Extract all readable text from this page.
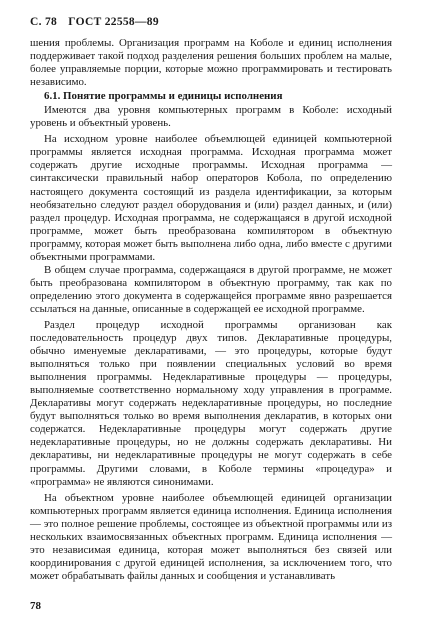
С. 78 ГОСТ 22558—89

шения проблемы. Организация программ на Коболе и единиц исполнения поддерживает такой подход разделения решения больших проблем на малые, более управляемые порции, которые можно программировать и тестировать независимо.

6.1. Понятие программы и единицы исполнения

Имеются два уровня компьютерных программ в Коболе: исходный уровень и объектный уровень.

На исходном уровне наиболее объемлющей единицей компьютерной программы является исходная программа. Исходная программа может содержать другие исходные программы. Исходная программа — синтаксически правильный набор операторов Кобола, по определению настоящего документа состоящий из раздела идентификации, за которым необязательно следуют раздел оборудования и (или) раздел данных, и (или) раздел процедур. Исходная программа, не содержащаяся в другой исходной программе, может быть преобразована компилятором в объектную программу, которая может быть выполнена либо одна, либо вместе с другими объектными программами.

В общем случае программа, содержащаяся в другой программе, не может быть преобразована компилятором в объектную программу, так как по определению этого документа в содержащейся программе явно разрешается ссылаться на данные, описанные в содержащей ее исходной программе.

Раздел процедур исходной программы организован как последовательность процедур двух типов. Декларативные процедуры, обычно именуемые декларативами, — это процедуры, которые будут выполняться только при появлении специальных условий во время выполнения программы. Недекларативные процедуры — процедуры, выполняемые соответственно нормальному ходу управления в программе. Декларативы могут содержать недекларативные процедуры, но последние будут выполняться только во время выполнения декларатив, в которых они содержатся. Недекларативные процедуры могут содержать другие недекларативные процедуры, но не должны содержать декларативы. Ни декларативы, ни недекларативные процедуры не могут содержать в себе программы. Другими словами, в Коболе термины «процедура» и «программа» не являются синонимами.

На объектном уровне наиболее объемлющей единицей организации компьютерных программ является единица исполнения. Единица исполнения — это полное решение проблемы, состоящее из объектной программы или из нескольких взаимосвязанных объектных программ. Единица исполнения — это независимая единица, которая может выполняться без связей или координирования с другой единицей исполнения, за исключением того, что может обрабатывать файлы данных и сообщения и устанавливать

78
